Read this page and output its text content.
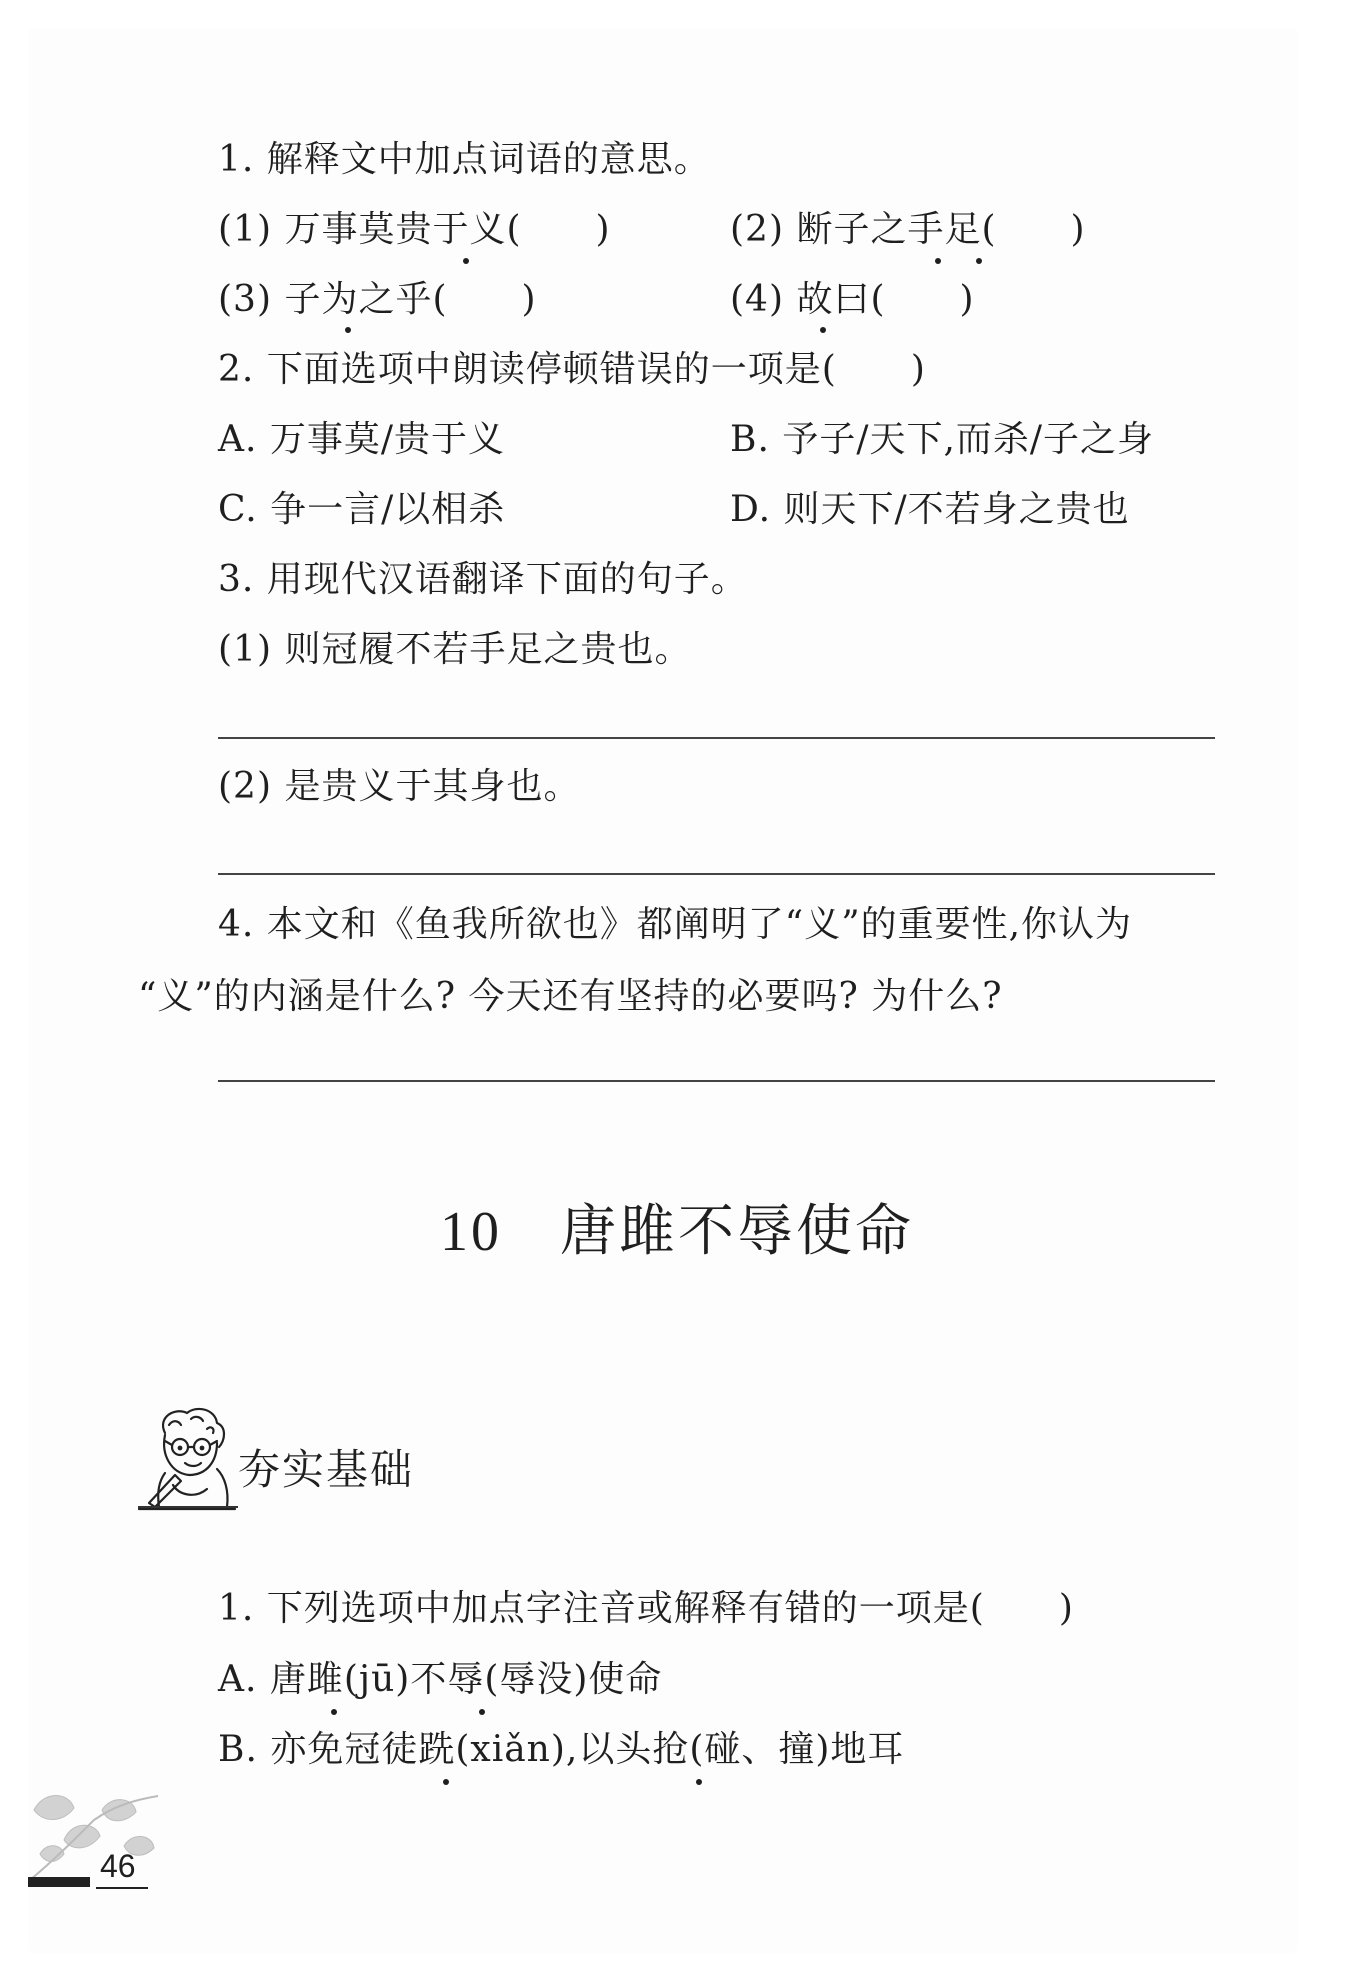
1. 解释文中加点词语的意思。
(1) 万事莫贵于义(　　)	(2) 断子之手足(　　)
(3) 子为之乎(　　)	(4) 故曰(　　)
2. 下面选项中朗读停顿错误的一项是(　　)
A. 万事莫/贵于义	B. 予子/天下,而杀/子之身
C. 争一言/以相杀	D. 则天下/不若身之贵也
3. 用现代汉语翻译下面的句子。
(1) 则冠履不若手足之贵也。
(2) 是贵义于其身也。
4. 本文和《鱼我所欲也》都阐明了“义”的重要性,你认为
“义”的内涵是什么? 今天还有坚持的必要吗? 为什么?
10 唐雎不辱使命
夯实基础
1. 下列选项中加点字注音或解释有错的一项是(　　)
A. 唐雎(jū)不辱(辱没)使命
B. 亦免冠徒跣(xiǎn),以头抢(碰、撞)地耳
46
